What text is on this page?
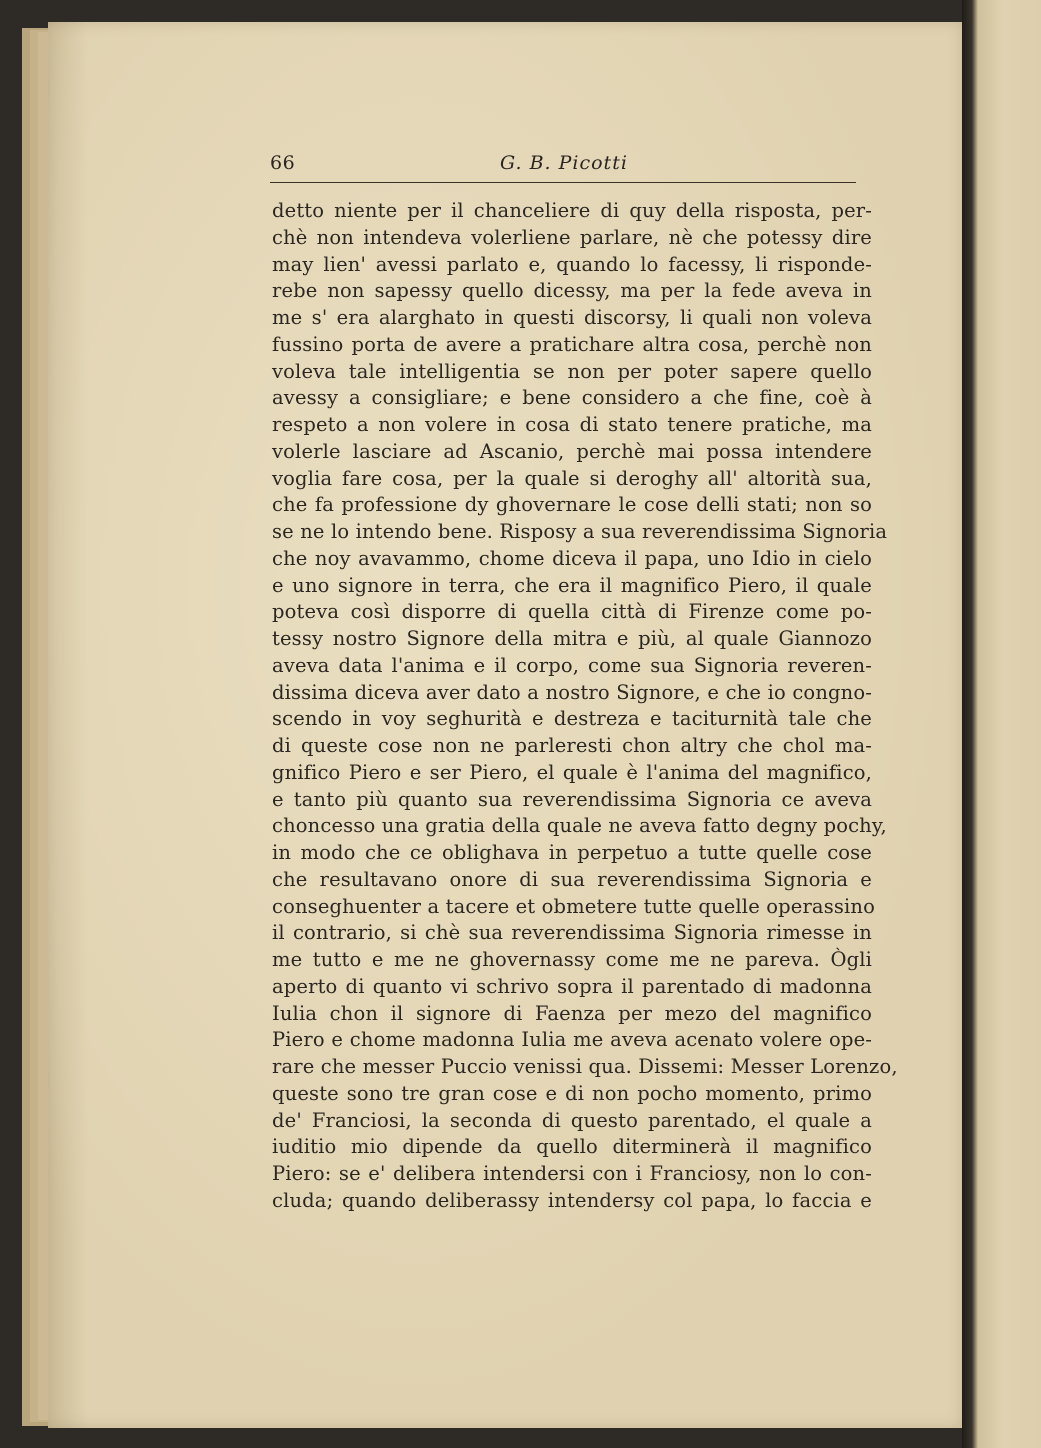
66	G. B. Picotti
detto niente per il chanceliere di quy della risposta, per-
chè non intendeva volerliene parlare, nè che potessy dire
may lien' avessi parlato e, quando lo facessy, li risponde-
rebe non sapessy quello dicessy, ma per la fede aveva in
me s' era alarghato in questi discorsy, li quali non voleva
fussino porta de avere a pratichare altra cosa, perchè non
voleva tale intelligentia se non per poter sapere quello
avessy a consigliare; e bene considero a che fine, coè à
respeto a non volere in cosa di stato tenere pratiche, ma
volerle lasciare ad Ascanio, perchè mai possa intendere
voglia fare cosa, per la quale si deroghy all' altorità sua,
che fa professione dy ghovernare le cose delli stati; non so
se ne lo intendo bene. Risposy a sua reverendissima Signoria
che noy avavammo, chome diceva il papa, uno Idio in cielo
e uno signore in terra, che era il magnifico Piero, il quale
poteva così disporre di quella città di Firenze come po-
tessy nostro Signore della mitra e più, al quale Giannozo
aveva data l'anima e il corpo, come sua Signoria reveren-
dissima diceva aver dato a nostro Signore, e che io congno-
scendo in voy seghurità e destreza e taciturnità tale che
di queste cose non ne parleresti chon altry che chol ma-
gnifico Piero e ser Piero, el quale è l'anima del magnifico,
e tanto più quanto sua reverendissima Signoria ce aveva
choncesso una gratia della quale ne aveva fatto degny pochy,
in modo che ce oblighava in perpetuo a tutte quelle cose
che resultavano onore di sua reverendissima Signoria e
conseghuenter a tacere et obmetere tutte quelle operassino
il contrario, si chè sua reverendissima Signoria rimesse in
me tutto e me ne ghovernassy come me ne pareva. Ògli
aperto di quanto vi schrivo sopra il parentado di madonna
Iulia chon il signore di Faenza per mezo del magnifico
Piero e chome madonna Iulia me aveva acenato volere ope-
rare che messer Puccio venissi qua. Dissemi: Messer Lorenzo,
queste sono tre gran cose e di non pocho momento, primo
de' Franciosi, la seconda di questo parentado, el quale a
iuditio mio dipende da quello diterminerà il magnifico
Piero: se e' delibera intendersi con i Franciosy, non lo con-
cluda; quando deliberassy intendersy col papa, lo faccia e
